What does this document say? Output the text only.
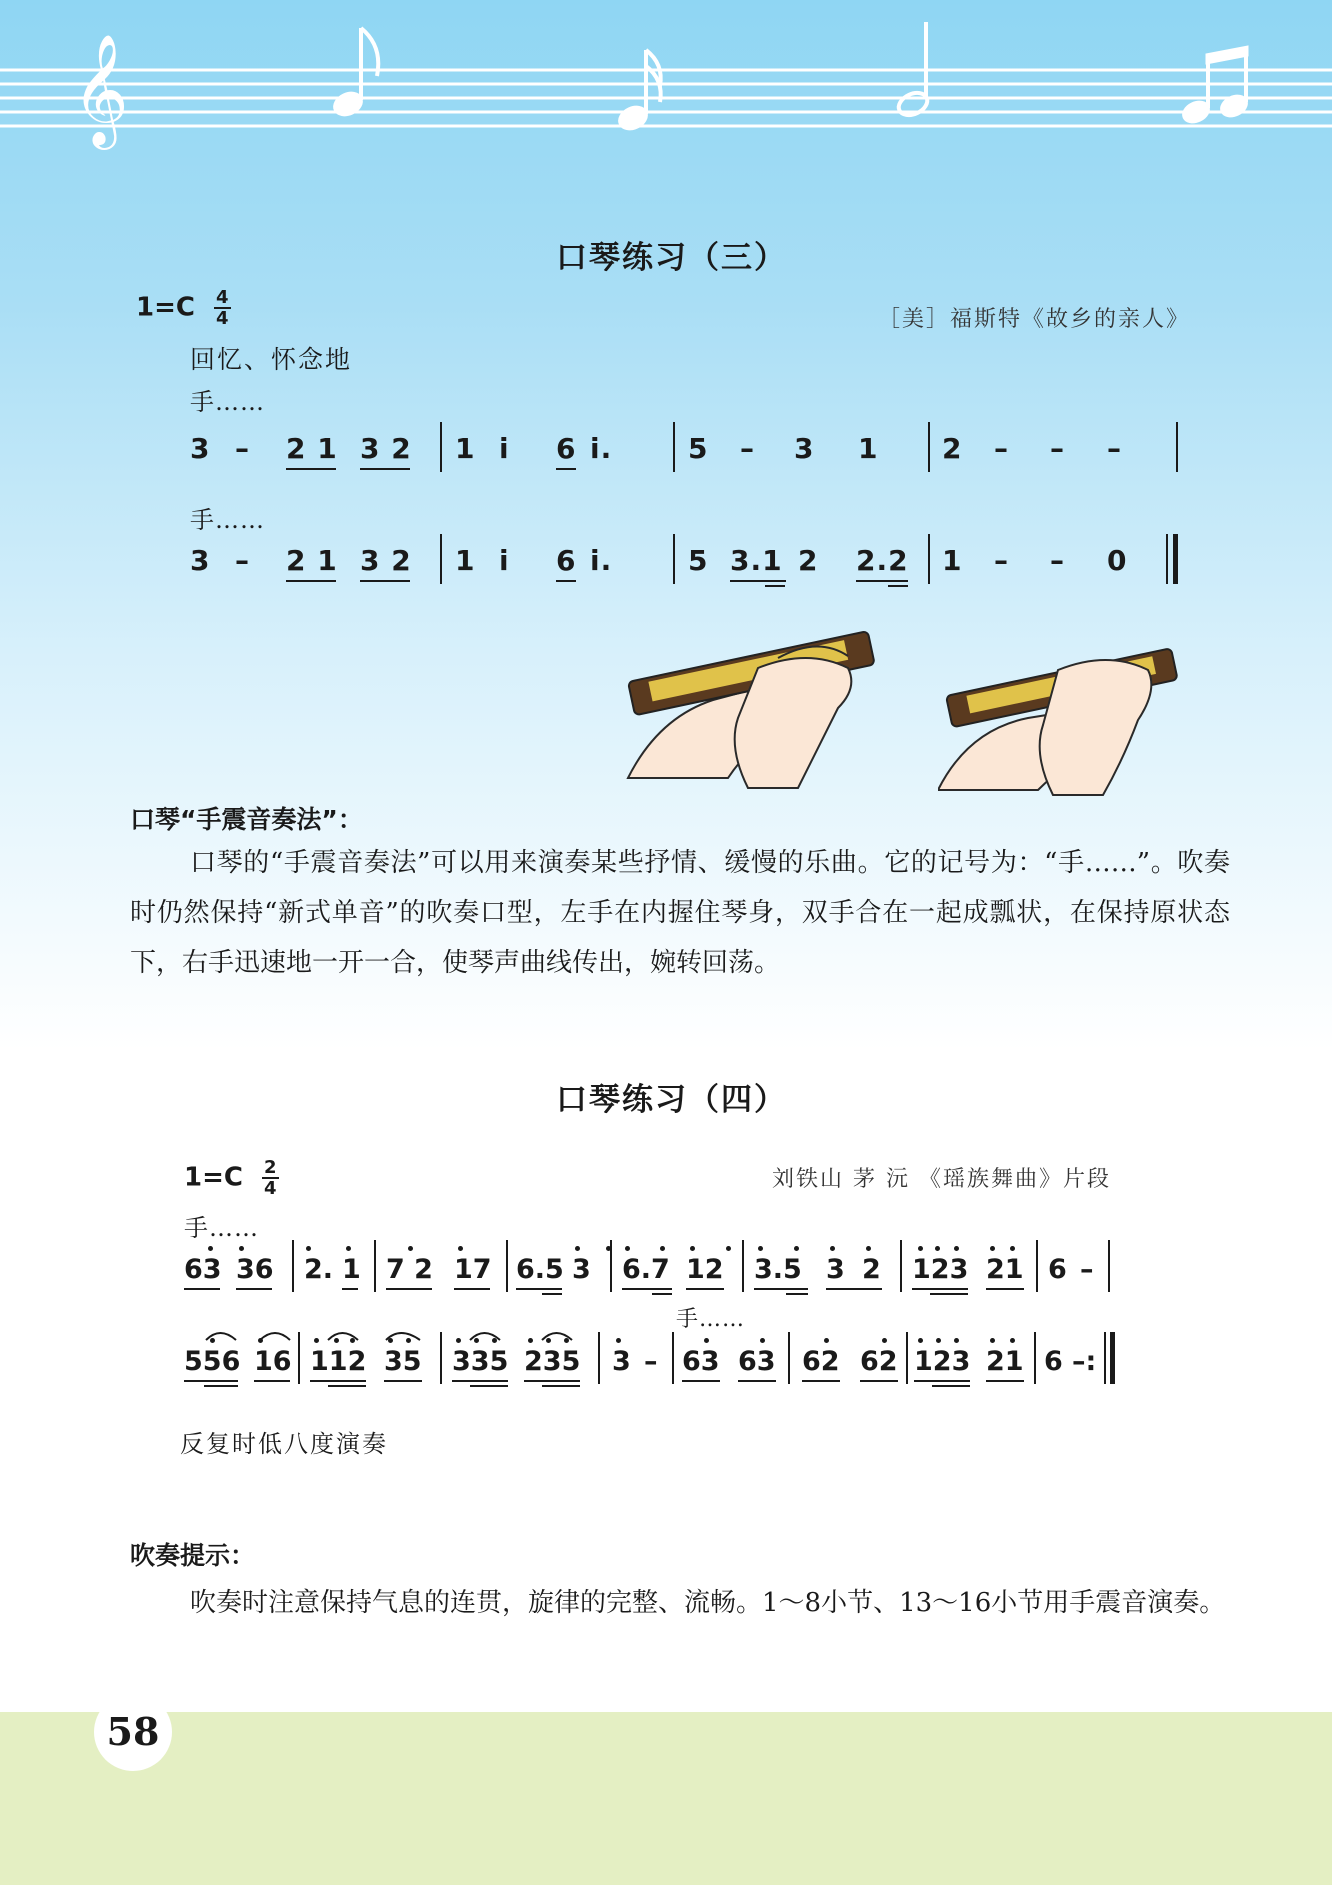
𝄞
口琴练习（三）
$1=C \frac{4}{4}$	［美］福斯特《故乡的亲人》
回忆、怀念地
手……
3 – 2 1 3 2 1 i 6 i.	5 – 3 1 2 – – –
手……
3 – 2 1 3 2 1 i 6 i.	5 3.1 2 2.2 1 – – 0
口琴“手震音奏法”：
口琴的“手震音奏法”可以用来演奏某些抒情、缓慢的乐曲。它的记号为：“手……”。吹奏时仍然保持“新式单音”的吹奏口型，左手在内握住琴身，双手合在一起成瓢状，在保持原状态下，右手迅速地一开一合，使琴声曲线传出，婉转回荡。
口琴练习（四）
$1=C \frac{2}{4}$	刘铁山 茅 沅 《瑶族舞曲》片段
手……
63 36 2. 1 7 2 17 6.5 3 6.7 12 3.5 3 2 123 21 6 –
手……
556 16 112 35 335 235 3 – 63 63 62 62 123 21 6 –:
反复时低八度演奏
吹奏提示：
吹奏时注意保持气息的连贯，旋律的完整、流畅。1～8小节、13～16小节用手震音演奏。
58
